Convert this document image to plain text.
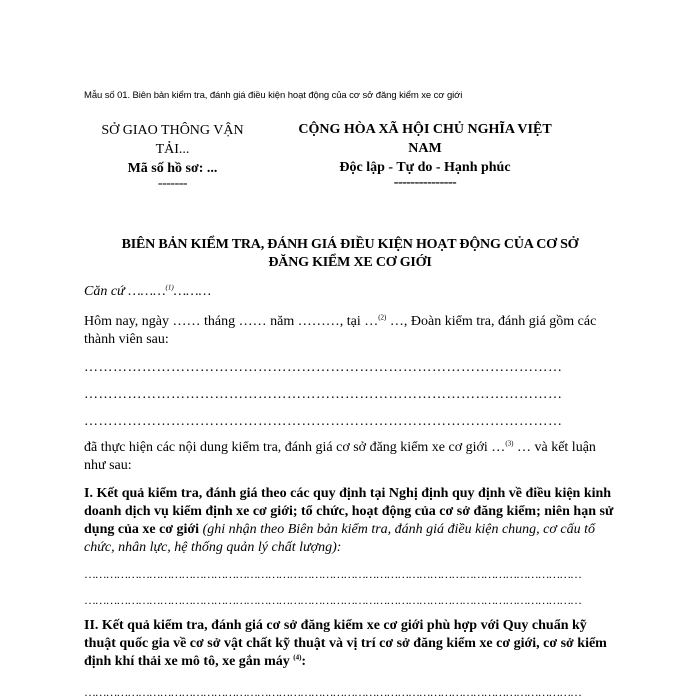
Mẫu số 01. Biên bản kiểm tra, đánh giá điều kiện hoạt động của cơ sở đăng kiểm xe cơ giới
SỞ GIAO THÔNG VẬN
TẢI...
Mã số hồ sơ: ...
-------
CỘNG HÒA XÃ HỘI CHỦ NGHĨA VIỆT
NAM
Độc lập - Tự do - Hạnh phúc
---------------
BIÊN BẢN KIỂM TRA, ĐÁNH GIÁ ĐIỀU KIỆN HOẠT ĐỘNG CỦA CƠ SỞ
ĐĂNG KIỂM XE CƠ GIỚI
Căn cứ ………$^{(1)}$………
Hôm nay, ngày …… tháng …… năm ………, tại …$^{(2)}$ …, Đoàn kiểm tra, đánh giá gồm các thành viên sau:
………………………………………………………………………………………
………………………………………………………………………………………
………………………………………………………………………………………
đã thực hiện các nội dung kiểm tra, đánh giá cơ sở đăng kiểm xe cơ giới …$^{(3)}$ … và kết luận như sau:
I. Kết quả kiểm tra, đánh giá theo các quy định tại Nghị định quy định về điều kiện kinh doanh dịch vụ kiểm định xe cơ giới; tổ chức, hoạt động của cơ sở đăng kiểm; niên hạn sử dụng của xe cơ giới (ghi nhận theo Biên bản kiểm tra, đánh giá điều kiện chung, cơ cấu tổ chức, nhân lực, hệ thống quản lý chất lượng):
…………………………………………………………………………………………………………………………
…………………………………………………………………………………………………………………………
II. Kết quả kiểm tra, đánh giá cơ sở đăng kiểm xe cơ giới phù hợp với Quy chuẩn kỹ thuật quốc gia về cơ sở vật chất kỹ thuật và vị trí cơ sở đăng kiểm xe cơ giới, cơ sở kiểm định khí thải xe mô tô, xe gắn máy $^{(4)}$:
…………………………………………………………………………………………………………………………
